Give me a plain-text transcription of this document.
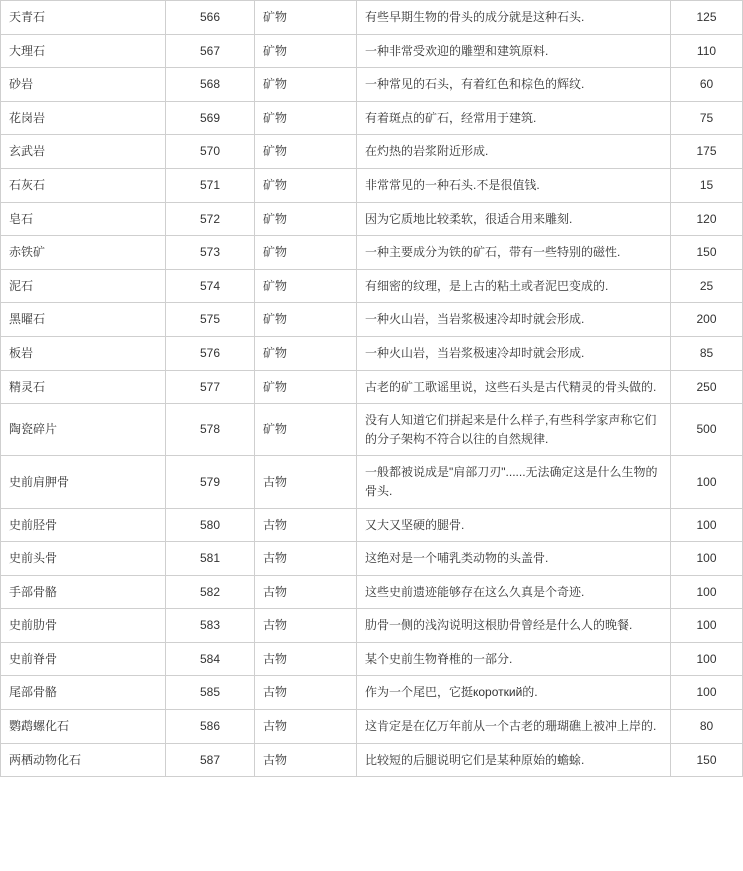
天青石	566	矿物	有些早期生物的骨头的成分就是这种石头.	125
大理石	567	矿物	一种非常受欢迎的雕塑和建筑原料.	110
砂岩	568	矿物	一种常见的石头，有着红色和棕色的辉纹.	60
花岗岩	569	矿物	有着斑点的矿石，经常用于建筑.	75
玄武岩	570	矿物	在灼热的岩浆附近形成.	175
石灰石	571	矿物	非常常见的一种石头.不是很值钱.	15
皂石	572	矿物	因为它质地比较柔软，很适合用来雕刻.	120
赤铁矿	573	矿物	一种主要成分为铁的矿石，带有一些特别的磁性.	150
泥石	574	矿物	有细密的纹理，是上古的粘土或者泥巴变成的.	25
黑曜石	575	矿物	一种火山岩，当岩浆极速冷却时就会形成.	200
板岩	576	矿物	一种火山岩，当岩浆极速冷却时就会形成.	85
精灵石	577	矿物	古老的矿工歌谣里说，这些石头是古代精灵的骨头做的.	250
陶瓷碎片	578	矿物	没有人知道它们拼起来是什么样子,有些科学家声称它们的分子架构不符合以往的自然规律.	500
史前肩胛骨	579	古物	一般都被说成是"肩部刀刃"......无法确定这是什么生物的骨头.	100
史前胫骨	580	古物	又大又坚硬的腿骨.	100
史前头骨	581	古物	这绝对是一个哺乳类动物的头盖骨.	100
手部骨骼	582	古物	这些史前遗迹能够存在这么久真是个奇迹.	100
史前肋骨	583	古物	肋骨一侧的浅沟说明这根肋骨曾经是什么人的晚餐.	100
史前脊骨	584	古物	某个史前生物脊椎的一部分.	100
尾部骨骼	585	古物	作为一个尾巴，它挺короткий的.	100
鹦鹉螺化石	586	古物	这肯定是在亿万年前从一个古老的珊瑚礁上被冲上岸的.	80
两栖动物化石	587	古物	比较短的后腿说明它们是某种原始的蟾蜍.	150
